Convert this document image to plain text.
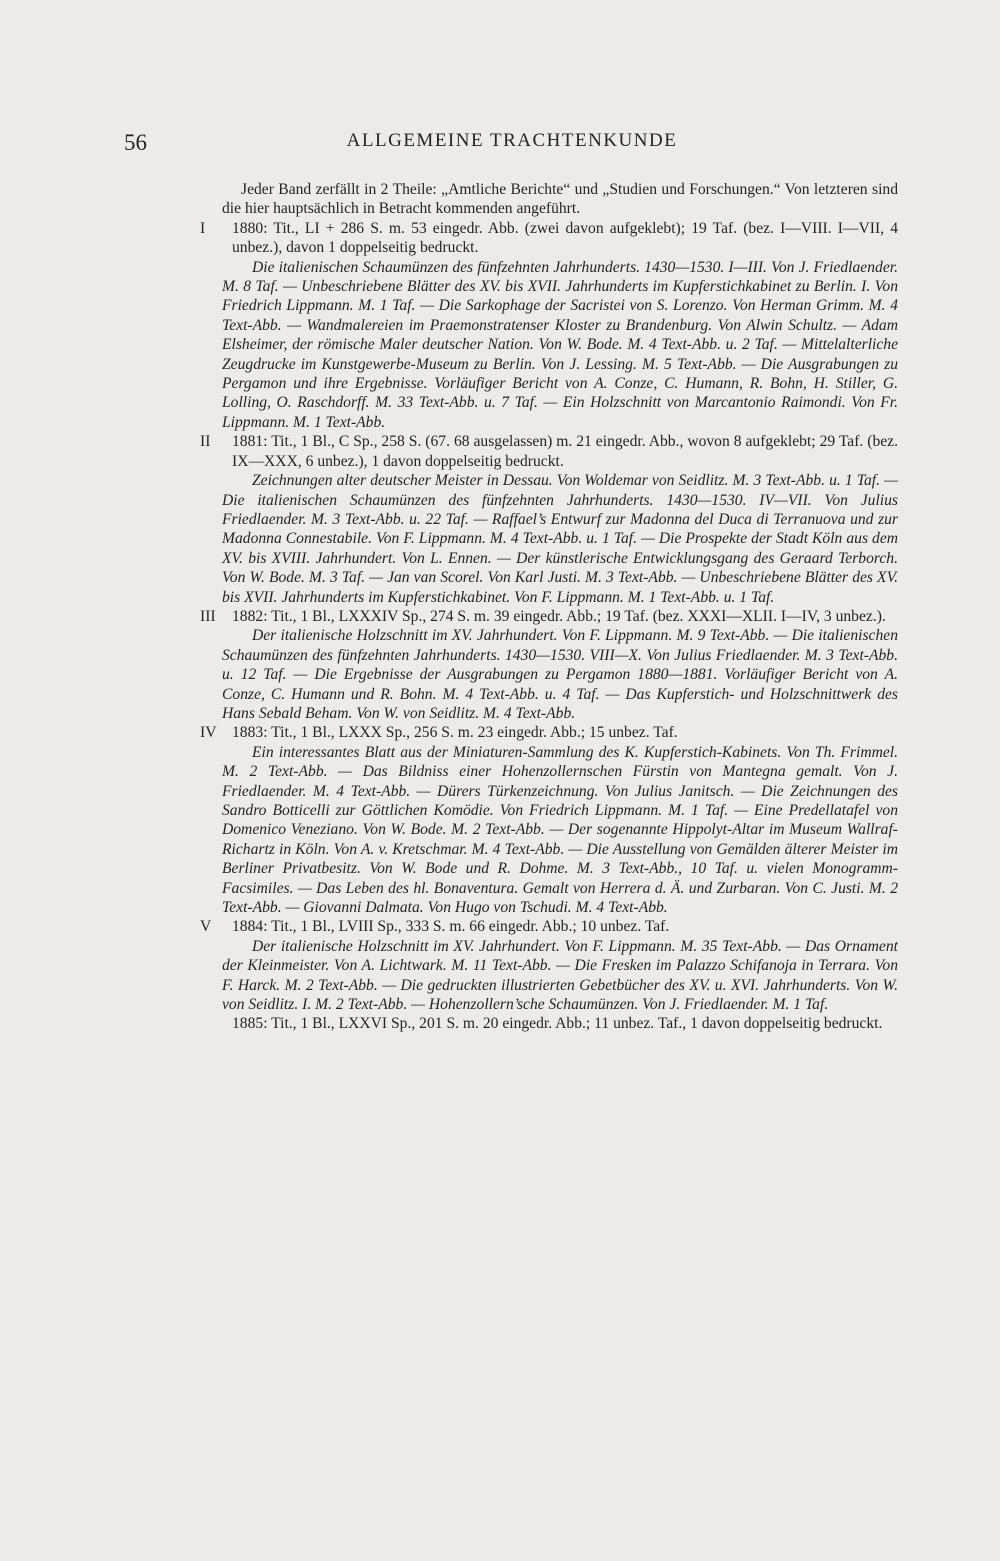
56	ALLGEMEINE TRACHTENKUNDE

Jeder Band zerfällt in 2 Theile: „Amtliche Berichte“ und „Studien und Forschungen.“ Von letzteren sind die hier hauptsächlich in Betracht kommenden angeführt.

I	1880: Tit., LI + 286 S. m. 53 eingedr. Abb. (zwei davon aufgeklebt); 19 Taf. (bez. I—VIII. I—VII, 4 unbez.), davon 1 doppelseitig bedruckt.

Die italienischen Schaumünzen des fünfzehnten Jahrhunderts. 1430—1530. I—III. Von J. Friedlaender. M. 8 Taf. — Unbeschriebene Blätter des XV. bis XVII. Jahrhunderts im Kupferstichkabinet zu Berlin. I. Von Friedrich Lippmann. M. 1 Taf. — Die Sarkophage der Sacristei von S. Lorenzo. Von Herman Grimm. M. 4 Text-Abb. — Wandmalereien im Praemonstratenser Kloster zu Brandenburg. Von Alwin Schultz. — Adam Elsheimer, der römische Maler deutscher Nation. Von W. Bode. M. 4 Text-Abb. u. 2 Taf. — Mittelalterliche Zeugdrucke im Kunstgewerbe-Museum zu Berlin. Von J. Lessing. M. 5 Text-Abb. — Die Ausgrabungen zu Pergamon und ihre Ergebnisse. Vorläufiger Bericht von A. Conze, C. Humann, R. Bohn, H. Stiller, G. Lolling, O. Raschdorff. M. 33 Text-Abb. u. 7 Taf. — Ein Holzschnitt von Marcantonio Raimondi. Von Fr. Lippmann. M. 1 Text-Abb.

II	1881: Tit., 1 Bl., C Sp., 258 S. (67. 68 ausgelassen) m. 21 eingedr. Abb., wovon 8 aufgeklebt; 29 Taf. (bez. IX—XXX, 6 unbez.), 1 davon doppelseitig bedruckt.

Zeichnungen alter deutscher Meister in Dessau. Von Woldemar von Seidlitz. M. 3 Text-Abb. u. 1 Taf. — Die italienischen Schaumünzen des fünfzehnten Jahrhunderts. 1430—1530. IV—VII. Von Julius Friedlaender. M. 3 Text-Abb. u. 22 Taf. — Raffael’s Entwurf zur Madonna del Duca di Terranuova und zur Madonna Connestabile. Von F. Lippmann. M. 4 Text-Abb. u. 1 Taf. — Die Prospekte der Stadt Köln aus dem XV. bis XVIII. Jahrhundert. Von L. Ennen. — Der künstlerische Entwicklungsgang des Geraard Terborch. Von W. Bode. M. 3 Taf. — Jan van Scorel. Von Karl Justi. M. 3 Text-Abb. — Unbeschriebene Blätter des XV. bis XVII. Jahrhunderts im Kupferstichkabinet. Von F. Lippmann. M. 1 Text-Abb. u. 1 Taf.

III	1882: Tit., 1 Bl., LXXXIV Sp., 274 S. m. 39 eingedr. Abb.; 19 Taf. (bez. XXXI—XLII. I—IV, 3 unbez.).

Der italienische Holzschnitt im XV. Jahrhundert. Von F. Lippmann. M. 9 Text-Abb. — Die italienischen Schaumünzen des fünfzehnten Jahrhunderts. 1430—1530. VIII—X. Von Julius Friedlaender. M. 3 Text-Abb. u. 12 Taf. — Die Ergebnisse der Ausgrabungen zu Pergamon 1880—1881. Vorläufiger Bericht von A. Conze, C. Humann und R. Bohn. M. 4 Text-Abb. u. 4 Taf. — Das Kupferstich- und Holzschnittwerk des Hans Sebald Beham. Von W. von Seidlitz. M. 4 Text-Abb.

IV 1883: Tit., 1 Bl., LXXX Sp., 256 S. m. 23 eingedr. Abb.; 15 unbez. Taf.

Ein interessantes Blatt aus der Miniaturen-Sammlung des K. Kupferstich-Kabinets. Von Th. Frimmel. M. 2 Text-Abb. — Das Bildniss einer Hohenzollernschen Fürstin von Mantegna gemalt. Von J. Friedlaender. M. 4 Text-Abb. — Dürers Türkenzeichnung. Von Julius Janitsch. — Die Zeichnungen des Sandro Botticelli zur Göttlichen Komödie. Von Friedrich Lippmann. M. 1 Taf. — Eine Predellatafel von Domenico Veneziano. Von W. Bode. M. 2 Text-Abb. — Der sogenannte Hippolyt-Altar im Museum Wallraf-Richartz in Köln. Von A. v. Kretschmar. M. 4 Text-Abb. — Die Ausstellung von Gemälden älterer Meister im Berliner Privatbesitz. Von W. Bode und R. Dohme. M. 3 Text-Abb., 10 Taf. u. vielen Monogramm-Facsimiles. — Das Leben des hl. Bonaventura. Gemalt von Herrera d. Ä. und Zurbaran. Von C. Justi. M. 2 Text-Abb. — Giovanni Dalmata. Von Hugo von Tschudi. M. 4 Text-Abb.

V	1884: Tit., 1 Bl., LVIII Sp., 333 S. m. 66 eingedr. Abb.; 10 unbez. Taf.

Der italienische Holzschnitt im XV. Jahrhundert. Von F. Lippmann. M. 35 Text-Abb. — Das Ornament der Kleinmeister. Von A. Lichtwark. M. 11 Text-Abb. — Die Fresken im Palazzo Schifanoja in Terrara. Von F. Harck. M. 2 Text-Abb. — Die gedruckten illustrierten Gebetbücher des XV. u. XVI. Jahrhunderts. Von W. von Seidlitz. I. M. 2 Text-Abb. — Hohenzollern’sche Schaumünzen. Von J. Friedlaender. M. 1 Taf.

1885: Tit., 1 Bl., LXXVI Sp., 201 S. m. 20 eingedr. Abb.; 11 unbez. Taf., 1 davon doppelseitig bedruckt.
